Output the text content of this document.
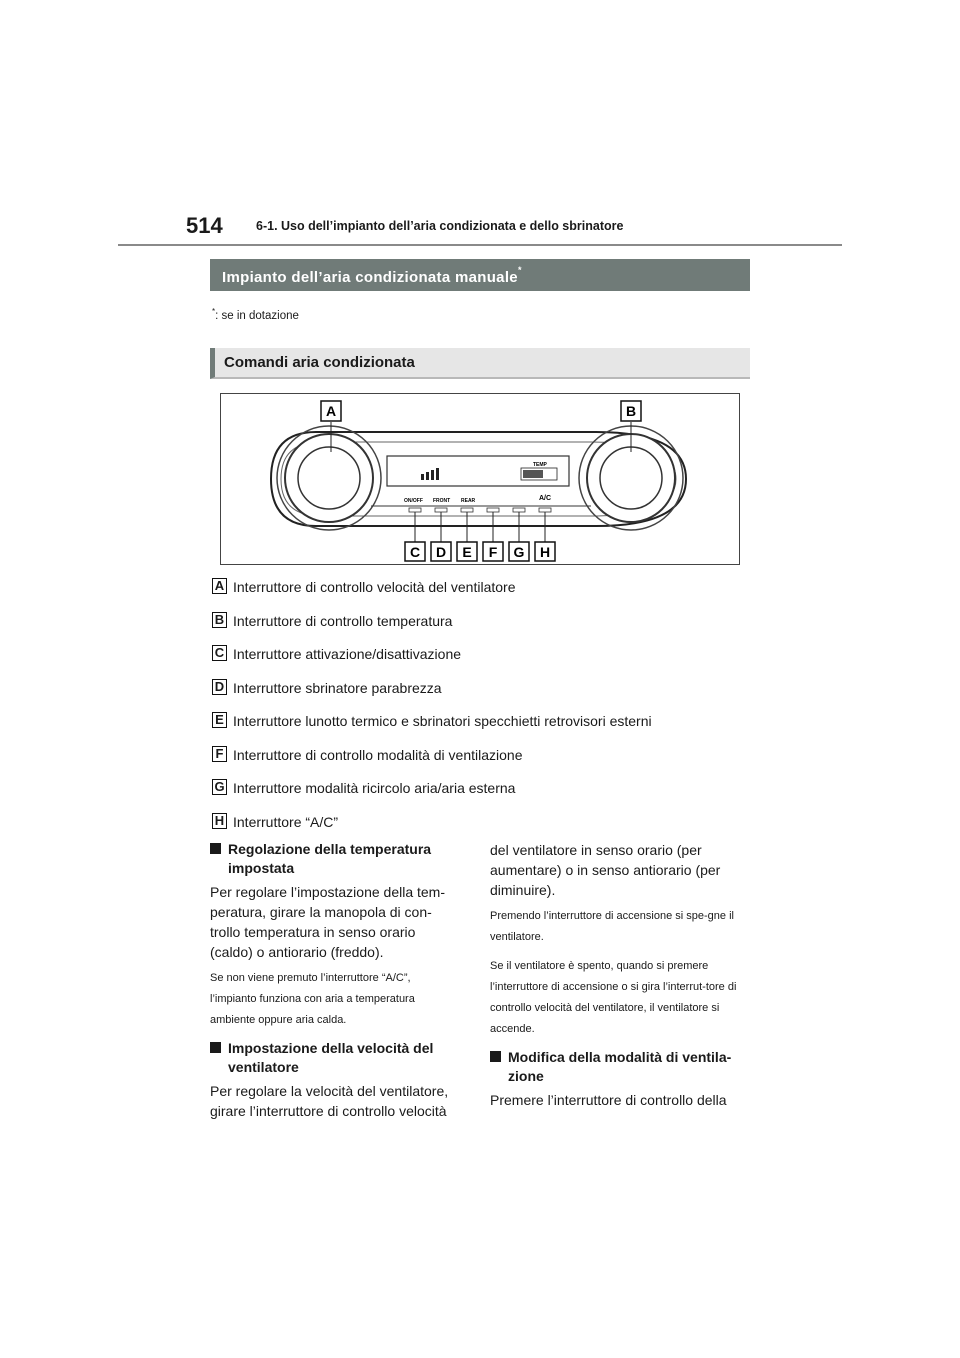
514	6-1. Uso dell’impianto dell’aria condizionata e dello sbrinatore
Impianto dell’aria condizionata manuale*
*: se in dotazione
Comandi aria condizionata
TEMP
ON/OFF FRONT REAR	A/C
A	B
C D E F G H
A Interruttore di controllo velocità del ventilatore
B Interruttore di controllo temperatura
C Interruttore attivazione/disattivazione
D Interruttore sbrinatore parabrezza
E Interruttore lunotto termico e sbrinatori specchietti retrovisori esterni
F Interruttore di controllo modalità di ventilazione
G Interruttore modalità ricircolo aria/aria esterna
H Interruttore “A/C”
Regolazione della temperatura impostata

Per regolare l’impostazione della tem-peratura, girare la manopola di con-trollo temperatura in senso orario (caldo) o antiorario (freddo).

Se non viene premuto l’interruttore “A/C”, l’impianto funziona con aria a temperatura ambiente oppure aria calda.

Impostazione della velocità del ventilatore

Per regolare la velocità del ventilatore, girare l’interruttore di controllo velocità

del ventilatore in senso orario (per aumentare) o in senso antiorario (per diminuire).

Premendo l’interruttore di accensione si spe-gne il ventilatore.

Se il ventilatore è spento, quando si premere l’interruttore di accensione o si gira l’interrut-tore di controllo velocità del ventilatore, il ventilatore si accende.

Modifica della modalità di ventila-zione

Premere l’interruttore di controllo della
